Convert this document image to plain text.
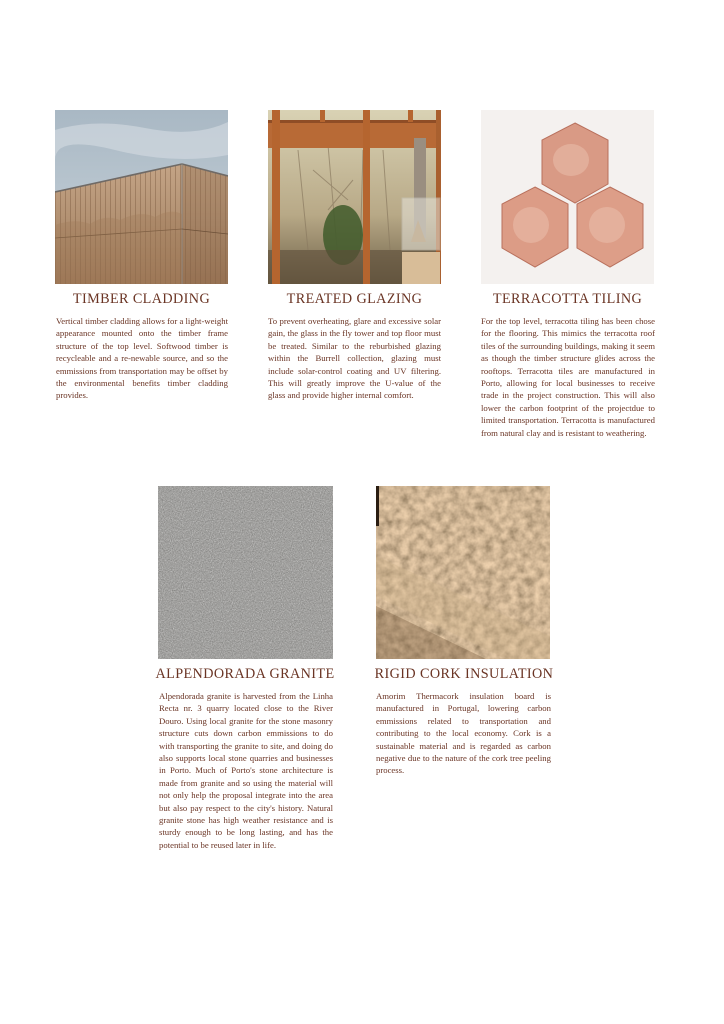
TIMBER CLADDING

Vertical timber cladding allows for a light-weight appearance mounted onto the timber frame structure of the top level. Softwood timber is recycleable and a re-newable source, and so the emmissions from transportation may be offset by the environmental benefits timber cladding provides.

TREATED GLAZING

To prevent overheating, glare and excessive solar gain, the glass in the fly tower and top floor must be treated. Similar to the reburbished glazing within the Burrell collection, glazing must include solar-control coating and UV filtering. This will greatly improve the U-value of the glass and provide higher internal comfort.

TERRACOTTA TILING

For the top level, terracotta tiling has been chose for the flooring. This mimics the terracotta roof tiles of the surrounding buildings, making it seem as though the timber structure glides across the rooftops. Terracotta tiles are manufactured in Porto, allowing for local businesses to receive trade in the project construction. This will also lower the carbon footprint of the projectdue to limited transportation. Terracotta is manufactured from natural clay and is resistant to weathering.

ALPENDORADA GRANITE

Alpendorada granite is harvested from the Linha Recta nr. 3 quarry located close to the River Douro. Using local granite for the stone masonry structure cuts down carbon emmissions to do with transporting the granite to site, and doing do also supports local stone quarries and businesses in Porto. Much of Porto's stone architecture is made from granite and so using the material will not only help the proposal integrate into the area but also pay respect to the city's history. Natural granite stone has high weather resistance and is sturdy enough to be long lasting, and has the potential to be reused later in life.

RIGID CORK INSULATION

Amorim Thermacork insulation board is manufactured in Portugal, lowering carbon emmissions related to transportation and contributing to the local economy. Cork is a sustainable material and is regarded as carbon negative due to the nature of the cork tree peeling process.
